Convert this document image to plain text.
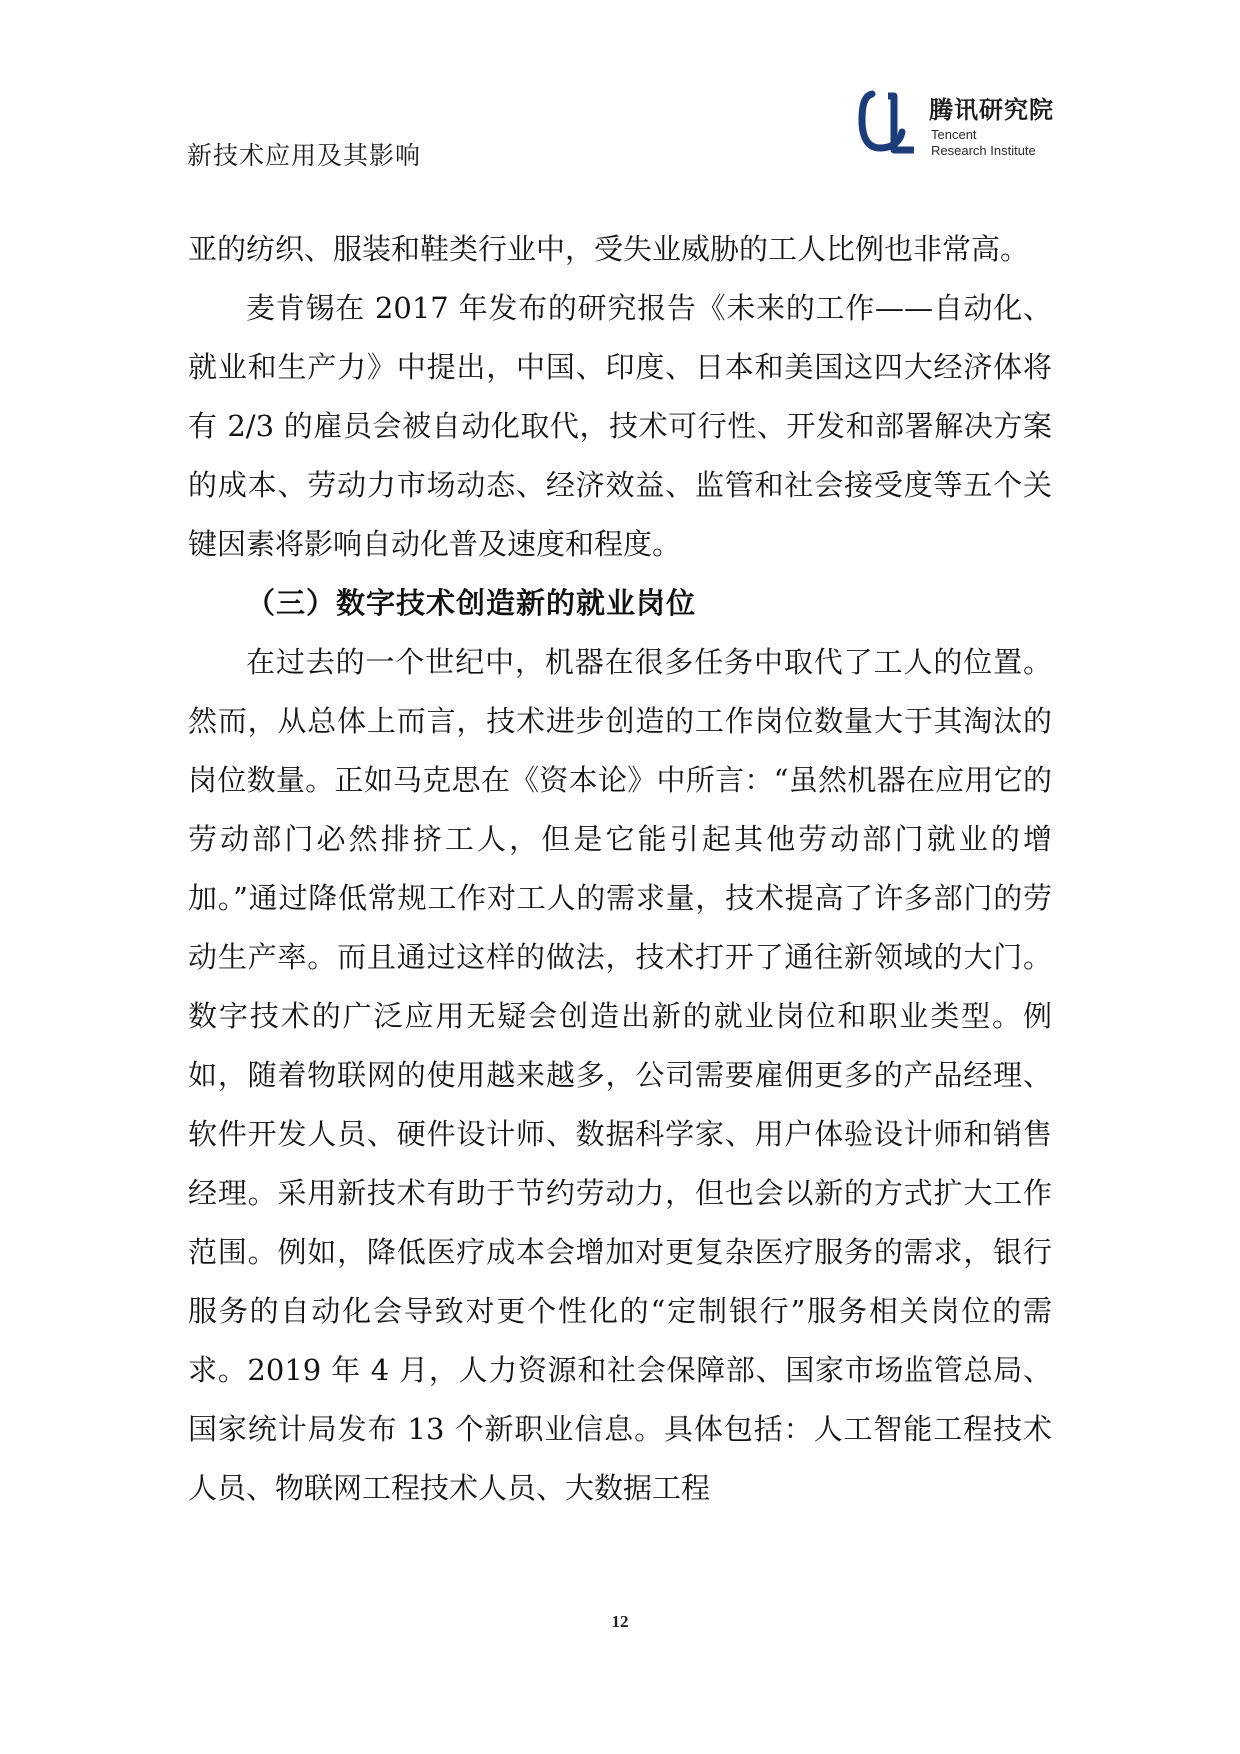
新技术应用及其影响
腾讯研究院
Tencent
Research Institute

亚的纺织、服装和鞋类行业中，受失业威胁的工人比例也非常高。

麦肯锡在 2017 年发布的研究报告《未来的工作——自动化、就业和生产力》中提出，中国、印度、日本和美国这四大经济体将有 2/3 的雇员会被自动化取代，技术可行性、开发和部署解决方案的成本、劳动力市场动态、经济效益、监管和社会接受度等五个关键因素将影响自动化普及速度和程度。

（三）数字技术创造新的就业岗位

在过去的一个世纪中，机器在很多任务中取代了工人的位置。然而，从总体上而言，技术进步创造的工作岗位数量大于其淘汰的岗位数量。正如马克思在《资本论》中所言：“虽然机器在应用它的劳动部门必然排挤工人，但是它能引起其他劳动部门就业的增加。”通过降低常规工作对工人的需求量，技术提高了许多部门的劳动生产率。而且通过这样的做法，技术打开了通往新领域的大门。数字技术的广泛应用无疑会创造出新的就业岗位和职业类型。例如，随着物联网的使用越来越多，公司需要雇佣更多的产品经理、软件开发人员、硬件设计师、数据科学家、用户体验设计师和销售经理。采用新技术有助于节约劳动力，但也会以新的方式扩大工作范围。例如，降低医疗成本会增加对更复杂医疗服务的需求，银行服务的自动化会导致对更个性化的“定制银行”服务相关岗位的需求。2019 年 4 月，人力资源和社会保障部、国家市场监管总局、国家统计局发布 13 个新职业信息。具体包括：人工智能工程技术人员、物联网工程技术人员、大数据工程

12
